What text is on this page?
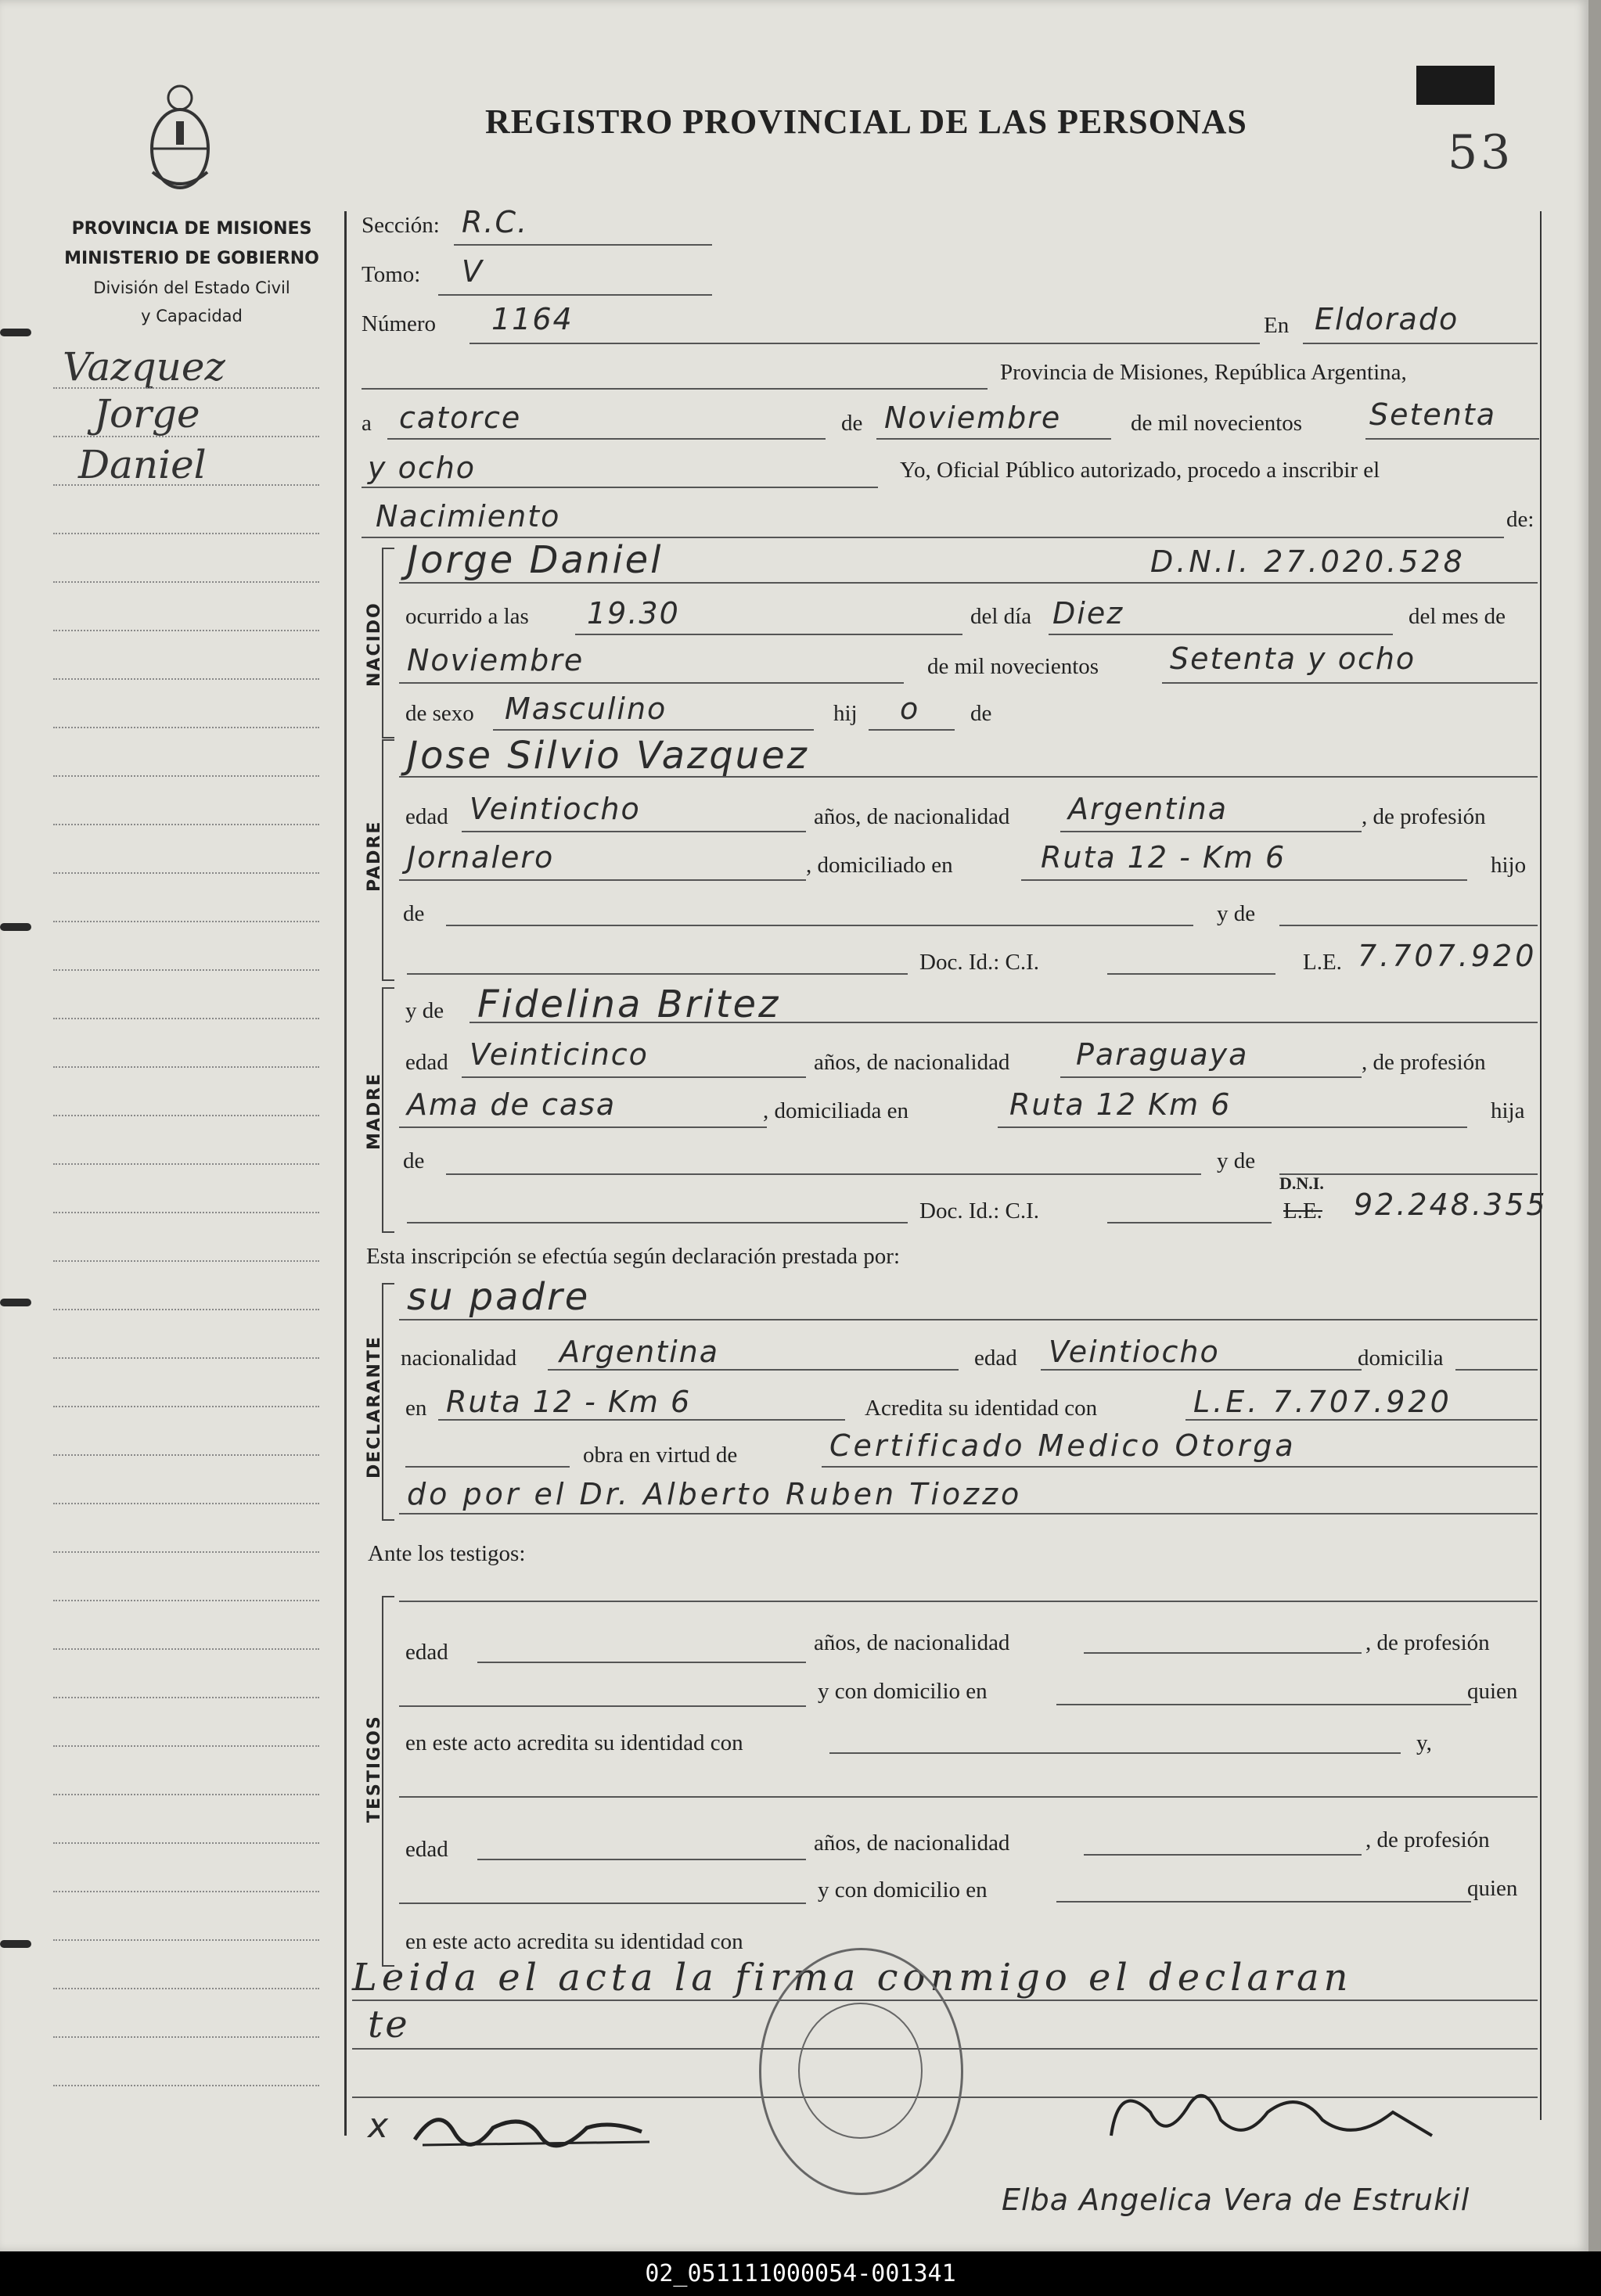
REGISTRO PROVINCIAL DE LAS PERSONAS
53
PROVINCIA DE MISIONES
MINISTERIO DE GOBIERNO
División del Estado Civil
y Capacidad
Vazquez
Jorge
Daniel
Sección: R.C.
Tomo: V
Número 1164	En Eldorado
Provincia de Misiones, República Argentina,
a catorce	de Noviembre	de mil novecientos Setenta
y ocho	Yo, Oficial Público autorizado, procedo a inscribir el
Nacimiento	de:
NACIDO
Jorge Daniel	D.N.I. 27.020.528
ocurrido a las 19.30	del día Diez	del mes de
Noviembre	de mil novecientos Setenta y ocho
de sexo Masculino	hij o de
PADRE
Jose Silvio Vazquez
edad Veintiocho	años, de nacionalidad Argentina	, de profesión
Jornalero	, domiciliado en	Ruta 12 - Km 6	hijo
de	y de
Doc. Id.: C.I.	L.E. 7.707.920
MADRE
y de Fidelina Britez
edad Veinticinco	años, de nacionalidad Paraguaya	, de profesión
Ama de casa	, domiciliada en	Ruta 12 Km 6	hija
de	y de
Doc. Id.: C.I.
D.N.I.
L.E. 92.248.355
Esta inscripción se efectúa según declaración prestada por:
DECLARANTE
su padre
nacionalidad Argentina	edad Veintiocho	domicilia
en Ruta 12 - Km 6	Acredita su identidad con	L.E. 7.707.920
obra en virtud de	Certificado Medico Otorga
do por el Dr. Alberto Ruben Tiozzo
Ante los testigos:
TESTIGOS
edad	años, de nacionalidad	, de profesión
y con domicilio en	quien
en este acto acredita su identidad con	y,
edad	años, de nacionalidad	, de profesión
y con domicilio en	quien
en este acto acredita su identidad con
Leida el acta la firma conmigo el declaran
te
x
Elba Angelica Vera de Estrukil
02_051111000054-001341
